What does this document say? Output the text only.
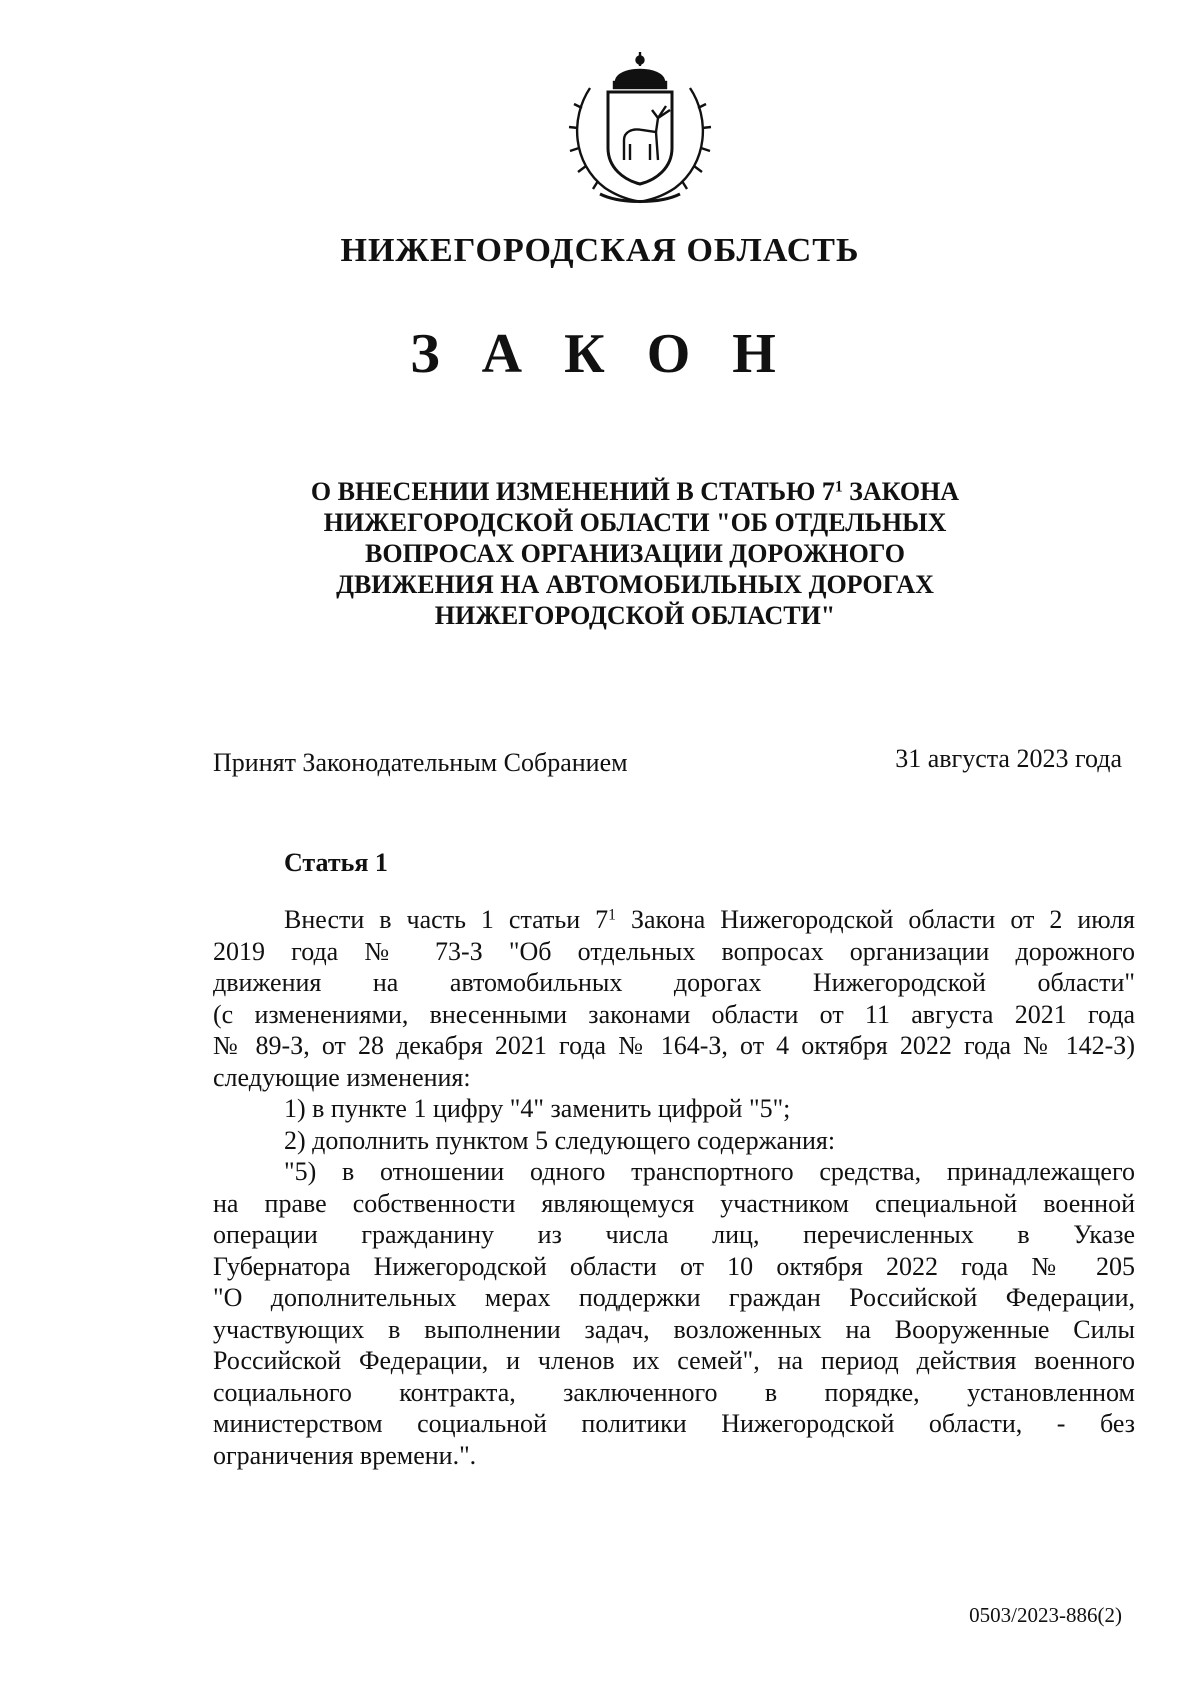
НИЖЕГОРОДСКАЯ ОБЛАСТЬ
З А К О Н
О ВНЕСЕНИИ ИЗМЕНЕНИЙ В СТАТЬЮ $7^1$ ЗАКОНА
НИЖЕГОРОДСКОЙ ОБЛАСТИ "ОБ ОТДЕЛЬНЫХ
ВОПРОСАХ ОРГАНИЗАЦИИ ДОРОЖНОГО
ДВИЖЕНИЯ НА АВТОМОБИЛЬНЫХ ДОРОГАХ
НИЖЕГОРОДСКОЙ ОБЛАСТИ"
Принят Законодательным Собранием	31 августа 2023 года
Статья 1
Внести в часть 1 статьи $7^1$ Закона Нижегородской области от 2 июля
2019 года № 73-З "Об отдельных вопросах организации дорожного
движения на автомобильных дорогах Нижегородской области"
(с изменениями, внесенными законами области от 11 августа 2021 года
№ 89-З, от 28 декабря 2021 года № 164-З, от 4 октября 2022 года № 142-З)
следующие изменения:
1) в пункте 1 цифру "4" заменить цифрой "5";
2) дополнить пунктом 5 следующего содержания:
"5) в отношении одного транспортного средства, принадлежащего
на праве собственности являющемуся участником специальной военной
операции гражданину из числа лиц, перечисленных в Указе
Губернатора Нижегородской области от 10 октября 2022 года № 205
"О дополнительных мерах поддержки граждан Российской Федерации,
участвующих в выполнении задач, возложенных на Вооруженные Силы
Российской Федерации, и членов их семей", на период действия военного
социального контракта, заключенного в порядке, установленном
министерством социальной политики Нижегородской области, - без
ограничения времени.".
0503/2023-886(2)
